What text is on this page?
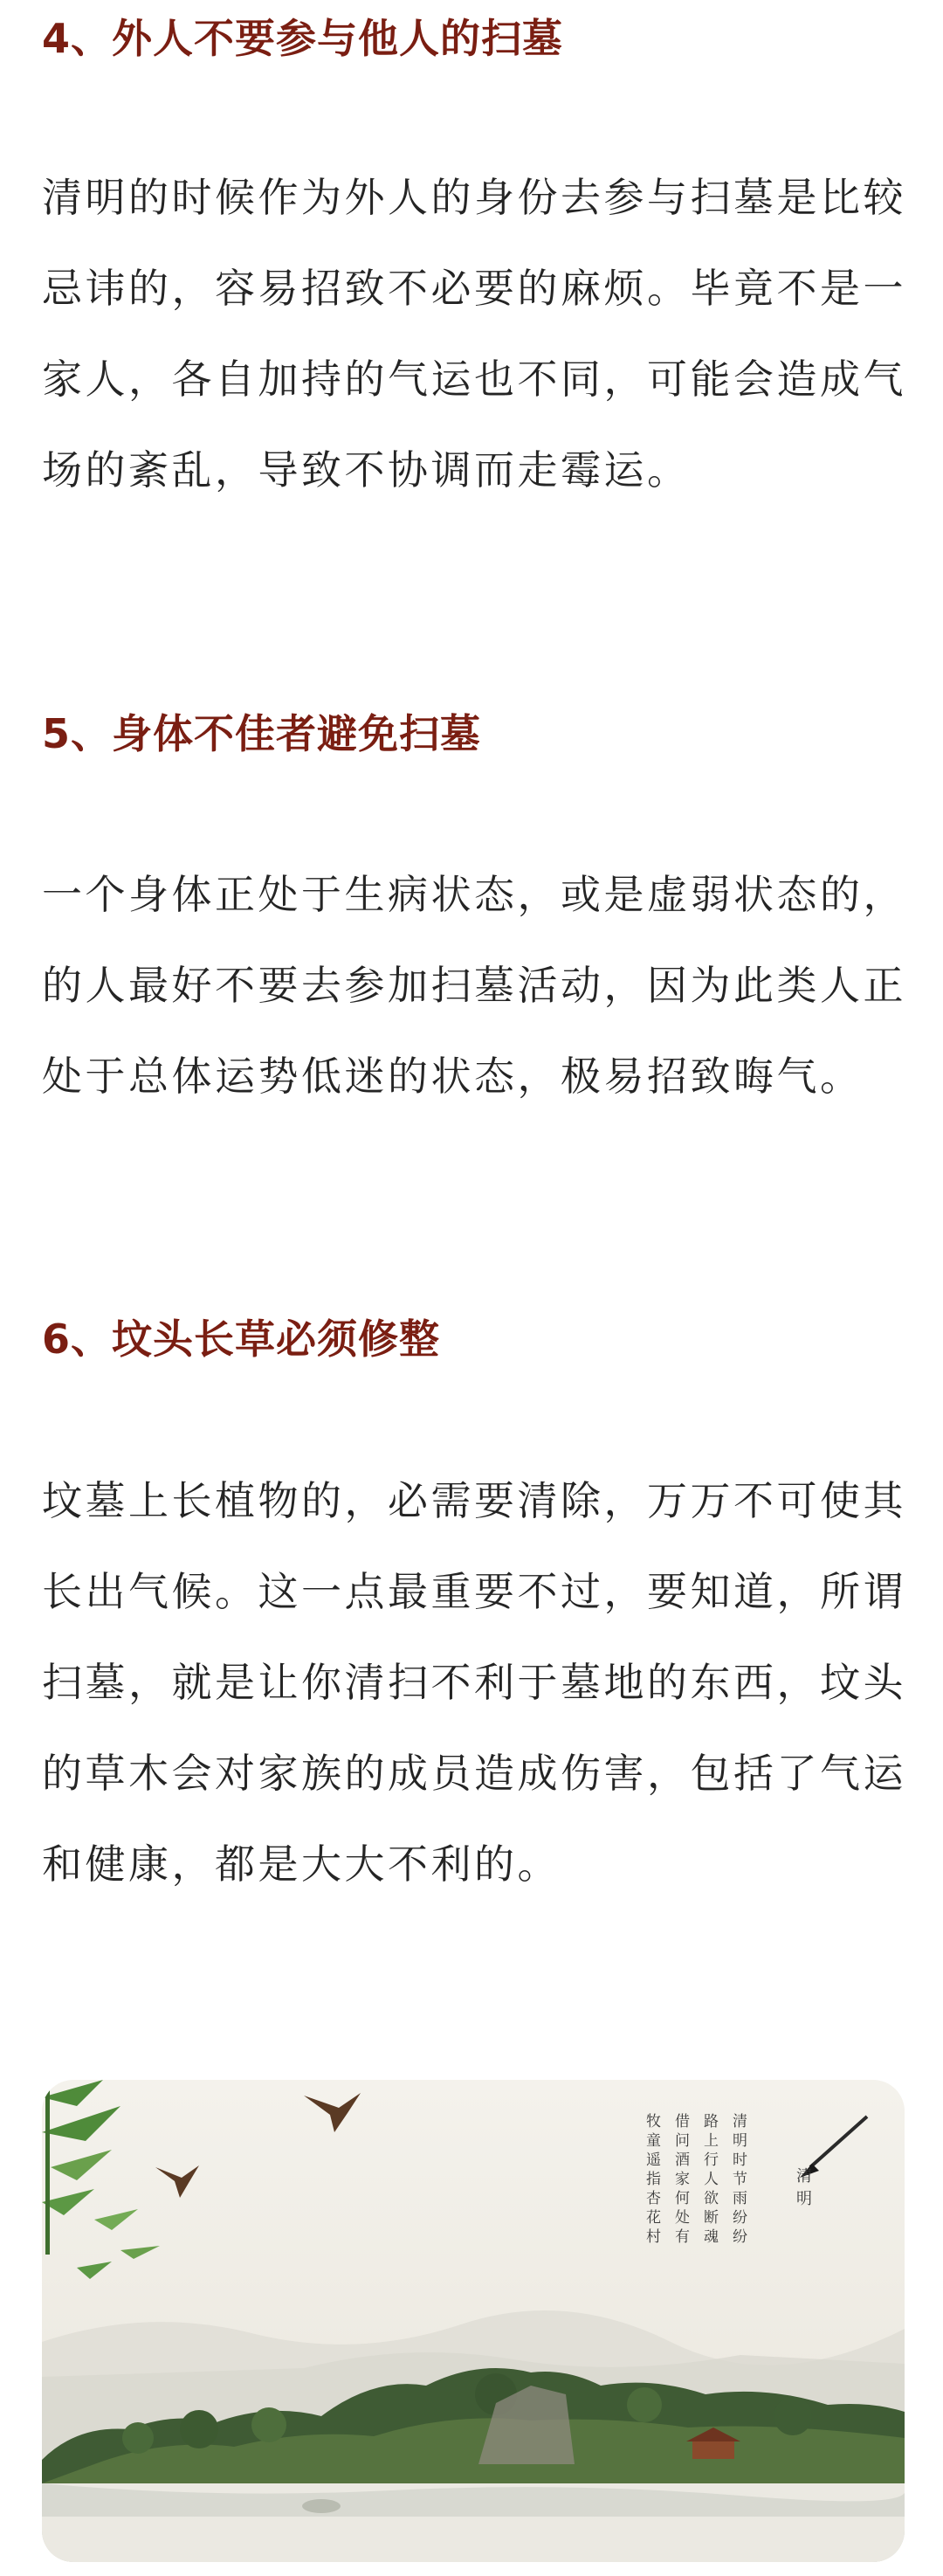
4、外人不要参与他人的扫墓

清明的时候作为外人的身份去参与扫墓是比较忌讳的，容易招致不必要的麻烦。毕竟不是一家人，各自加持的气运也不同，可能会造成气场的紊乱，导致不协调而走霉运。

5、身体不佳者避免扫墓

一个身体正处于生病状态，或是虚弱状态的，的人最好不要去参加扫墓活动，因为此类人正处于总体运势低迷的状态，极易招致晦气。

6、坟头长草必须修整

坟墓上长植物的，必需要清除，万万不可使其长出气候。这一点最重要不过，要知道，所谓扫墓，就是让你清扫不利于墓地的东西，坟头的草木会对家族的成员造成伤害，包括了气运和健康，都是大大不利的。

清明
清明时节雨纷纷
路上行人欲断魂
借问酒家何处有
牧童遥指杏花村
